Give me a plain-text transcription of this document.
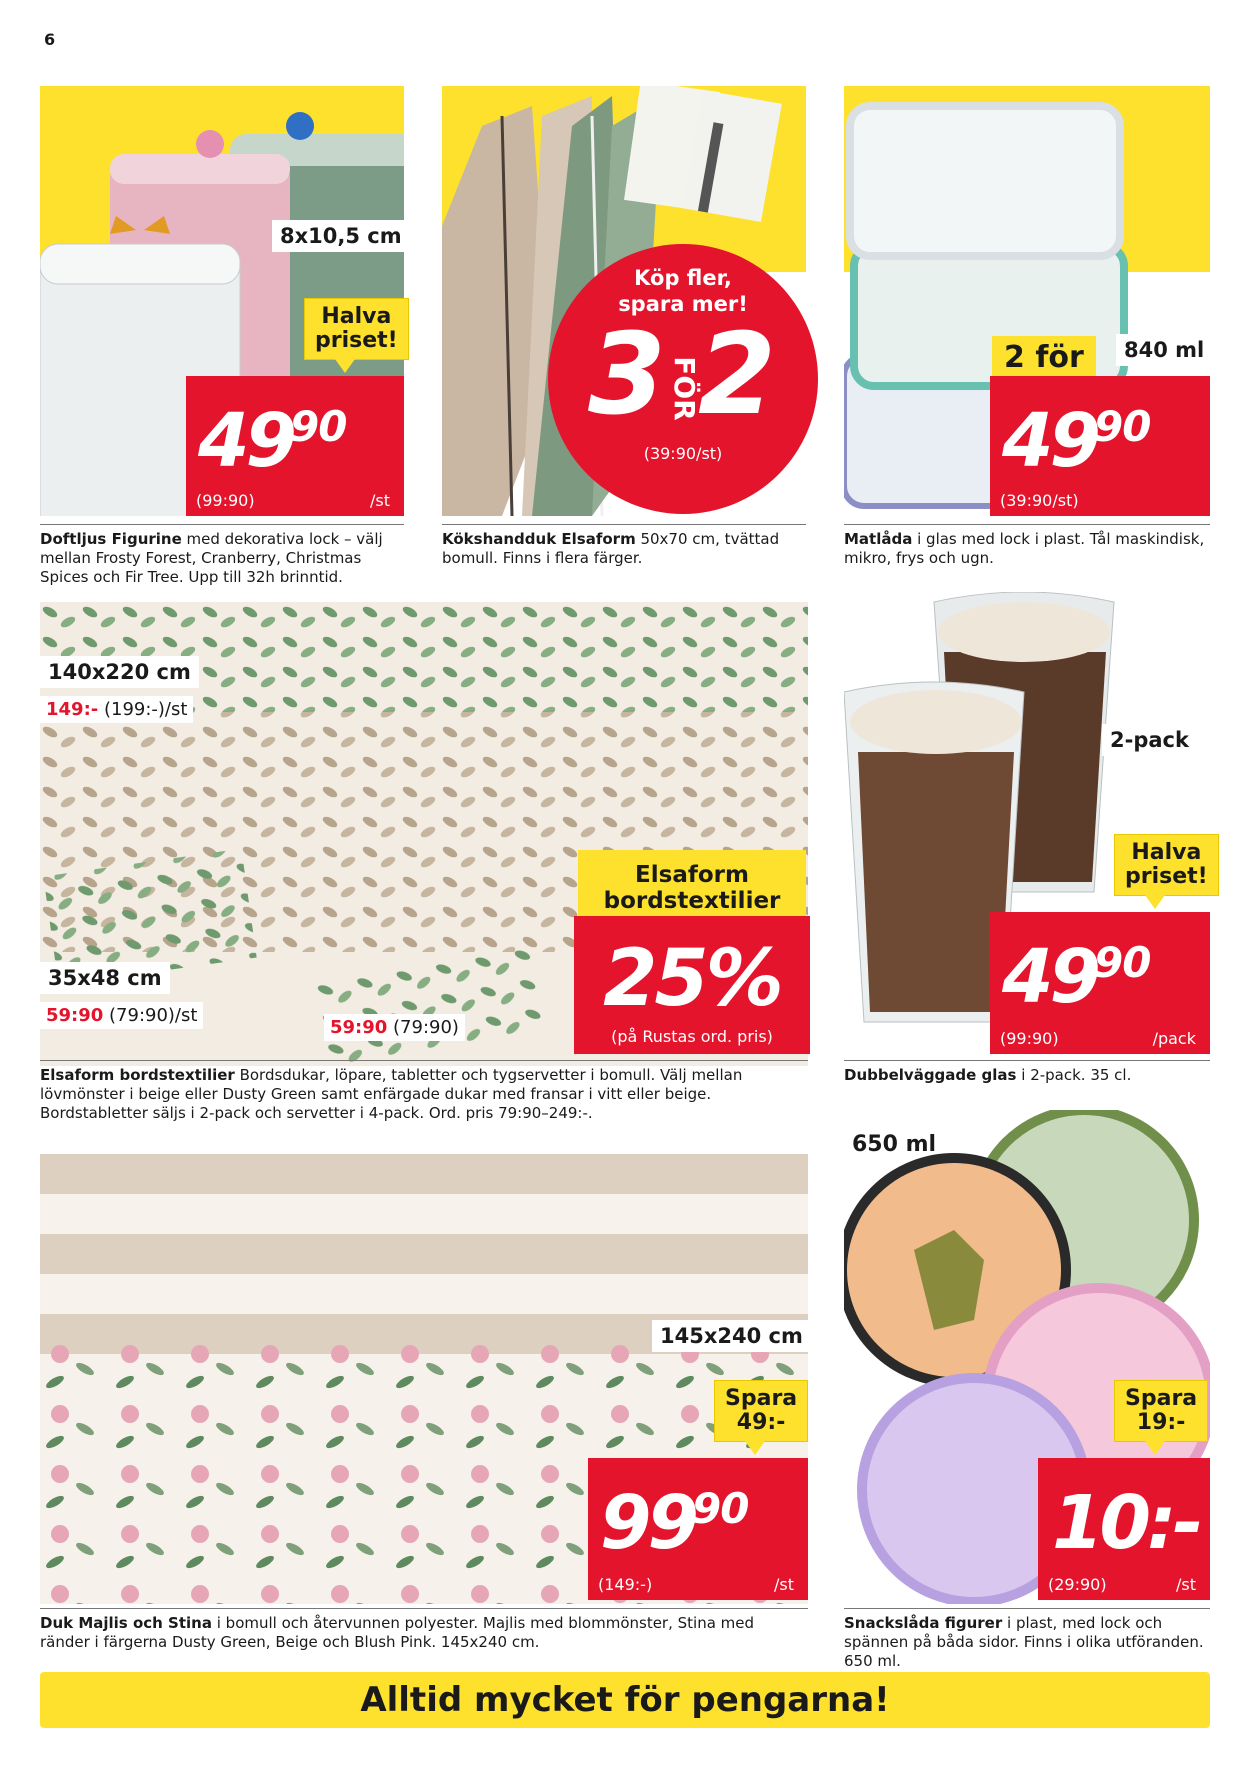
6
8x10,5 cm
Halva
priset!
49
90
(99:90)	/st
Doftljus Figurine med dekorativa lock – välj mellan Frosty Forest, Cranberry, Christmas Spices och Fir Tree. Upp till 32h brinntid.
Köp fler,
spara mer!
3 FÖR
2
(39:90/st)
Kökshandduk Elsaform 50x70 cm, tvättad bomull. Finns i flera färger.
840 ml
2 för
49
90
(39:90/st)
Matlåda i glas med lock i plast. Tål maskindisk, mikro, frys och ugn.
140x220 cm
149:- (199:-)/st
35x48 cm
59:90 (79:90)/st
59:90 (79:90)
Elsaform
bordstextilier
25%
(på Rustas ord. pris)
Elsaform bordstextilier Bordsdukar, löpare, tabletter och tygservetter i bomull. Välj mellan lövmönster i beige eller Dusty Green samt enfärgade dukar med fransar i vitt eller beige. Bordstabletter säljs i 2-pack och servetter i 4-pack. Ord. pris 79:90–249:-.
2-pack
Halva
priset!
49
90
(99:90)	/pack
Dubbelväggade glas i 2-pack. 35 cl.
145x240 cm
Spara
49:-
99
90
(149:-)	/st
Duk Majlis och Stina i bomull och återvunnen polyester. Majlis med blommönster, Stina med ränder i färgerna Dusty Green, Beige och Blush Pink. 145x240 cm.
650 ml
Spara
19:-
10:-
(29:90)	/st
Snackslåda figurer i plast, med lock och spännen på båda sidor. Finns i olika utföranden. 650 ml.
Alltid mycket för pengarna!
